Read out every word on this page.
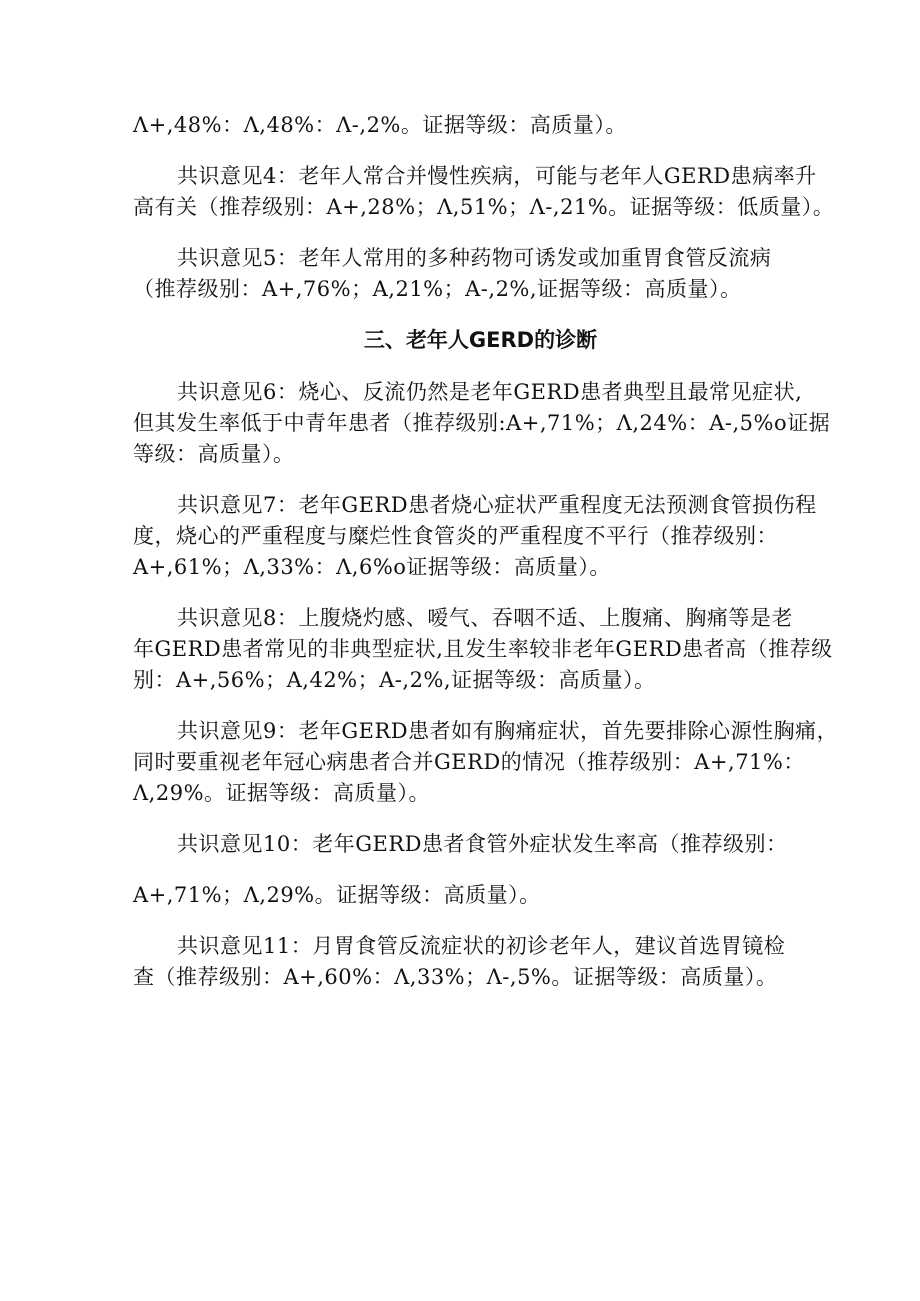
Λ+,48%：Λ,48%：Λ-,2%。证据等级：高质量）。

共识意见4：老年人常合并慢性疾病，可能与老年人GERD患病率升

高有关（推荐级别：A+,28%；Λ,51%；Λ-,21%。证据等级：低质量）。

共识意见5：老年人常用的多种药物可诱发或加重胃食管反流病

（推荐级别：A+,76%；A,21%；A-,2%,证据等级：高质量）。

三、老年人GERD的诊断

共识意见6：烧心、反流仍然是老年GERD患者典型且最常见症状,

但其发生率低于中青年患者（推荐级别:A+,71%；Λ,24%：A-,5%o证据

等级：高质量）。

共识意见7：老年GERD患者烧心症状严重程度无法预测食管损伤程

度，烧心的严重程度与糜烂性食管炎的严重程度不平行（推荐级别：

A+,61%；Λ,33%：Λ,6%o证据等级：高质量）。

共识意见8：上腹烧灼感、嗳气、吞咽不适、上腹痛、胸痛等是老

年GERD患者常见的非典型症状,且发生率较非老年GERD患者高（推荐级

别：A+,56%；A,42%；A-,2%,证据等级：高质量）。

共识意见9：老年GERD患者如有胸痛症状，首先要排除心源性胸痛，

同时要重视老年冠心病患者合并GERD的情况（推荐级别：A+,71%：

Λ,29%。证据等级：高质量）。

共识意见10：老年GERD患者食管外症状发生率高（推荐级别：

A+,71%；Λ,29%。证据等级：高质量）。

共识意见11：月胃食管反流症状的初诊老年人，建议首选胃镜检

查（推荐级别：A+,60%：Λ,33%；Λ-,5%。证据等级：高质量）。
